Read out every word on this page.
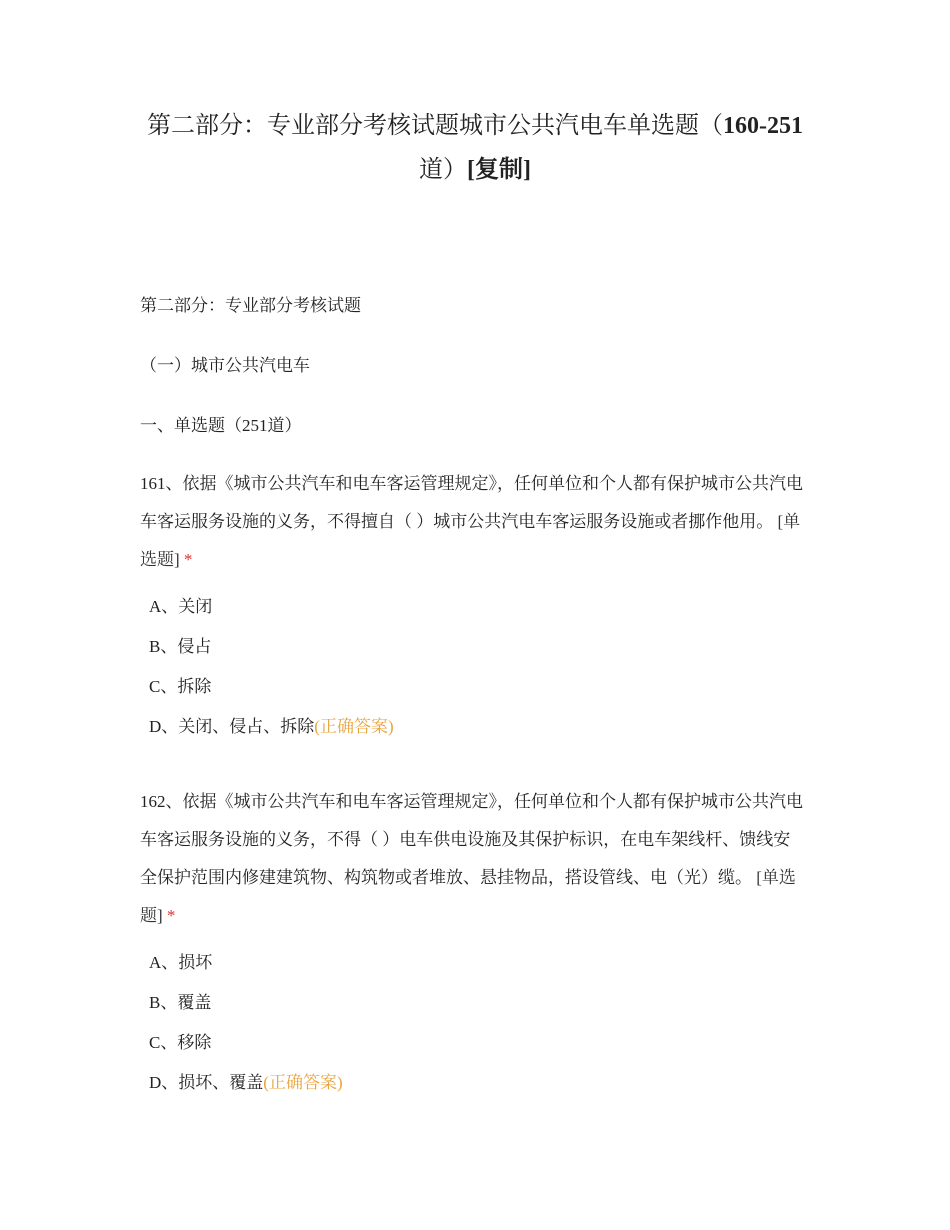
第二部分：专业部分考核试题城市公共汽电车单选题（160-251道）[复制]
第二部分：专业部分考核试题
（一）城市公共汽电车
一、单选题（251道）

161、依据《城市公共汽车和电车客运管理规定》，任何单位和个人都有保护城市公共汽电车客运服务设施的义务，不得擅自（ ）城市公共汽电车客运服务设施或者挪作他用。 [单选题] *

A、关闭
B、侵占
C、拆除
D、关闭、侵占、拆除(正确答案)

162、依据《城市公共汽车和电车客运管理规定》，任何单位和个人都有保护城市公共汽电车客运服务设施的义务，不得（ ）电车供电设施及其保护标识，在电车架线杆、馈线安全保护范围内修建建筑物、构筑物或者堆放、悬挂物品，搭设管线、电（光）缆。 [单选题] *

A、损坏
B、覆盖
C、移除
D、损坏、覆盖(正确答案)
